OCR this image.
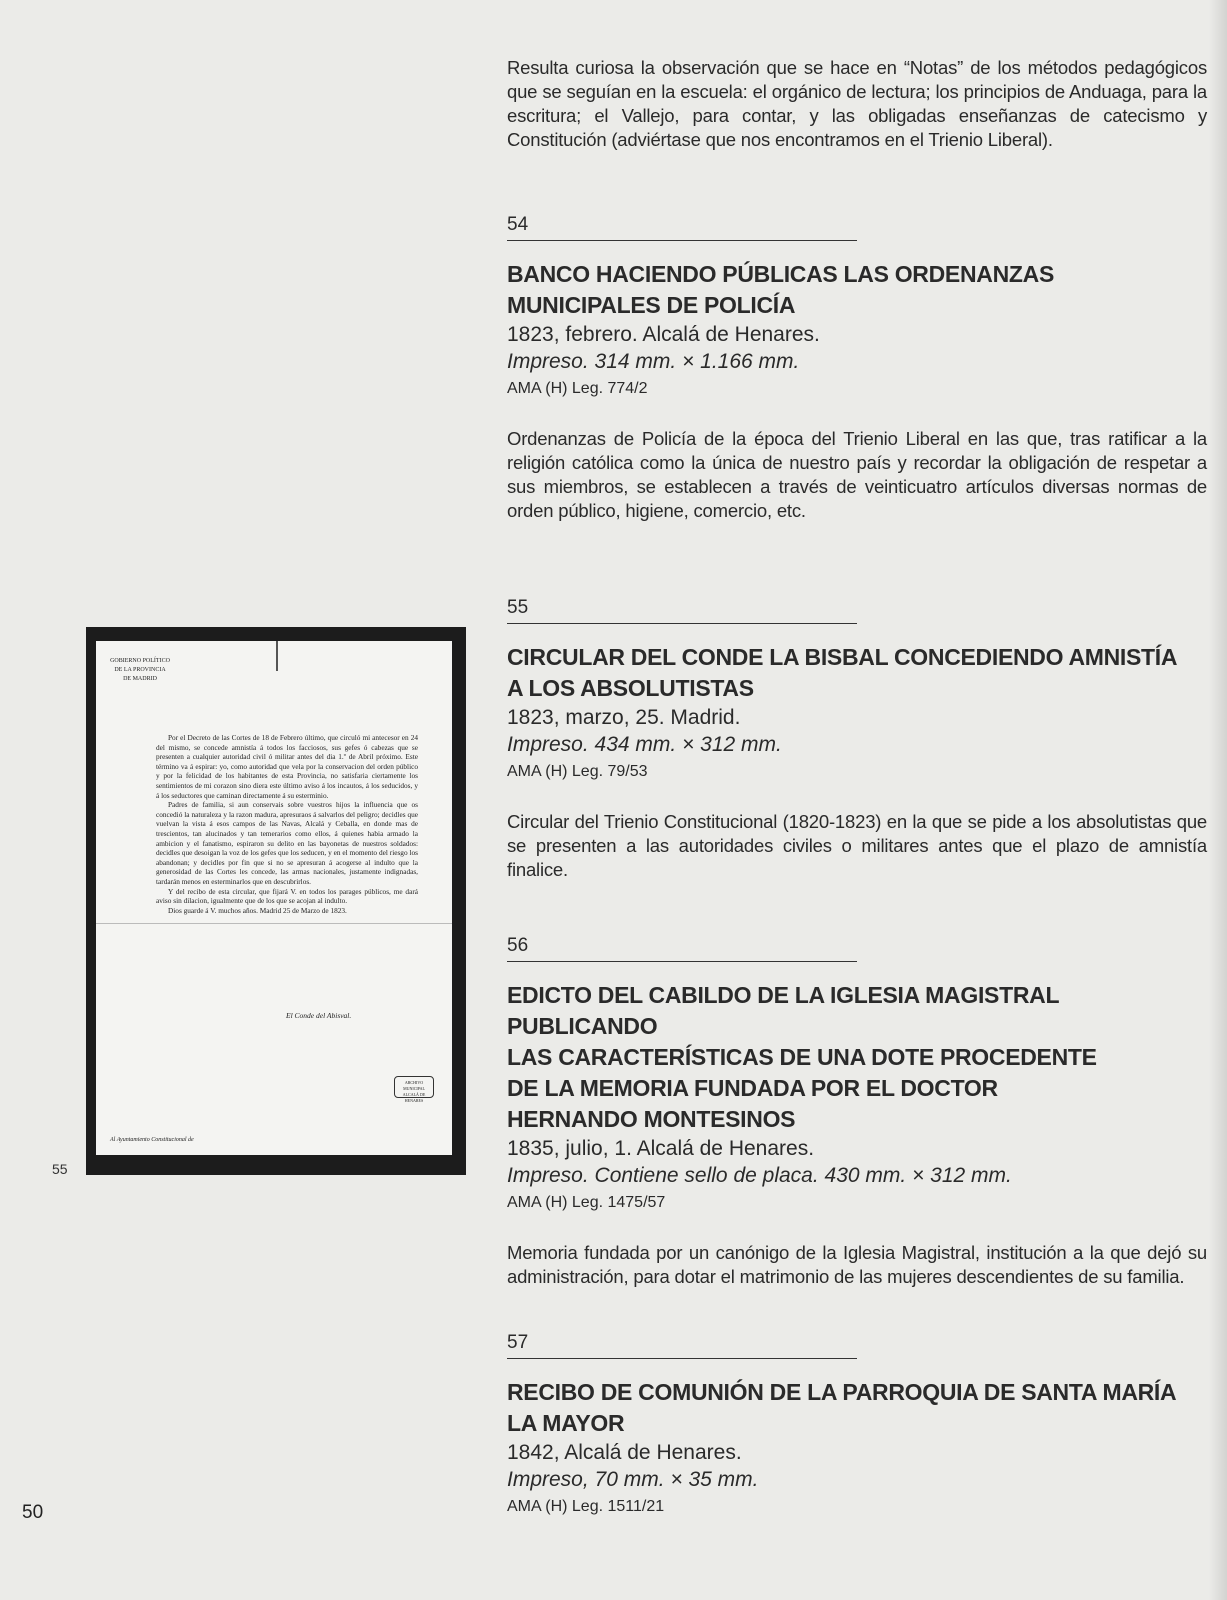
Resulta curiosa la observación que se hace en “Notas” de los métodos pedagógicos que se seguían en la escuela: el orgánico de lectura; los principios de Anduaga, para la escritura; el Vallejo, para contar, y las obligadas enseñanzas de catecismo y Constitución (adviértase que nos encontramos en el Trienio Liberal).

54

BANCO HACIENDO PÚBLICAS LAS ORDENANZAS MUNICIPALES DE POLICÍA

1823, febrero. Alcalá de Henares.

Impreso. 314 mm. × 1.166 mm.

AMA (H) Leg. 774/2

Ordenanzas de Policía de la época del Trienio Liberal en las que, tras ratificar a la religión católica como la única de nuestro país y recordar la obligación de respetar a sus miembros, se establecen a través de veinticuatro artículos diversas normas de orden público, higiene, comercio, etc.

55

CIRCULAR DEL CONDE LA BISBAL CONCEDIENDO AMNISTÍA

A LOS ABSOLUTISTAS

1823, marzo, 25. Madrid.

Impreso. 434 mm. × 312 mm.

AMA (H) Leg. 79/53

Circular del Trienio Constitucional (1820-1823) en la que se pide a los absolutistas que se presenten a las autoridades civiles o militares antes que el plazo de amnistía finalice.

56

EDICTO DEL CABILDO DE LA IGLESIA MAGISTRAL PUBLICANDO

LAS CARACTERÍSTICAS DE UNA DOTE PROCEDENTE

DE LA MEMORIA FUNDADA POR EL DOCTOR

HERNANDO MONTESINOS

1835, julio, 1. Alcalá de Henares.

Impreso. Contiene sello de placa. 430 mm. × 312 mm.

AMA (H) Leg. 1475/57

Memoria fundada por un canónigo de la Iglesia Magistral, institución a la que dejó su administración, para dotar el matrimonio de las mujeres descendientes de su familia.

57

RECIBO DE COMUNIÓN DE LA PARROQUIA DE SANTA MARÍA

LA MAYOR

1842, Alcalá de Henares.

Impreso, 70 mm. × 35 mm.

AMA (H) Leg. 1511/21

GOBIERNO POLÍTICO DE LA PROVINCIA DE MADRID

Por el Decreto de las Cortes de 18 de Febrero último, que circuló mi antecesor en 24 del mismo, se concede amnistía á todos los facciosos, sus gefes ó cabezas que se presenten a cualquier autoridad civil ó militar antes del dia 1.º de Abril próximo. Este término va á espirar: yo, como autoridad que vela por la conservacion del orden público y por la felicidad de los habitantes de esta Provincia, no satisfaria ciertamente los sentimientos de mi corazon sino diera este último aviso á los incautos, á los seducidos, y á los seductores que caminan directamente á su esterminio.

Padres de familia, si aun conservais sobre vuestros hijos la influencia que os concedió la naturaleza y la razon madura, apresuraos á salvarlos del peligro; decidles que vuelvan la vista á esos campos de las Navas, Alcalá y Ceballa, en donde mas de trescientos, tan alucinados y tan temerarios como ellos, á quienes habia armado la ambicion y el fanatismo, espiraron su delito en las bayonetas de nuestros soldados: decidles que desoigan la voz de los gefes que los seducen, y en el momento del riesgo los abandonan; y decidles por fin que si no se apresuran á acogerse al indulto que la generosidad de las Cortes les concede, las armas nacionales, justamente indignadas, tardarán menos en esterminarlos que en descubrirlos.

Y del recibo de esta circular, que fijará V. en todos los parages públicos, me dará aviso sin dilacion, igualmente que de los que se acojan al indulto.

Dios guarde á V. muchos años. Madrid 25 de Marzo de 1823.

El Conde del Abisval.
ARCHIVO MUNICIPAL ALCALÁ DE HENARES
Al Ayuntamiento Constitucional de
55
50
